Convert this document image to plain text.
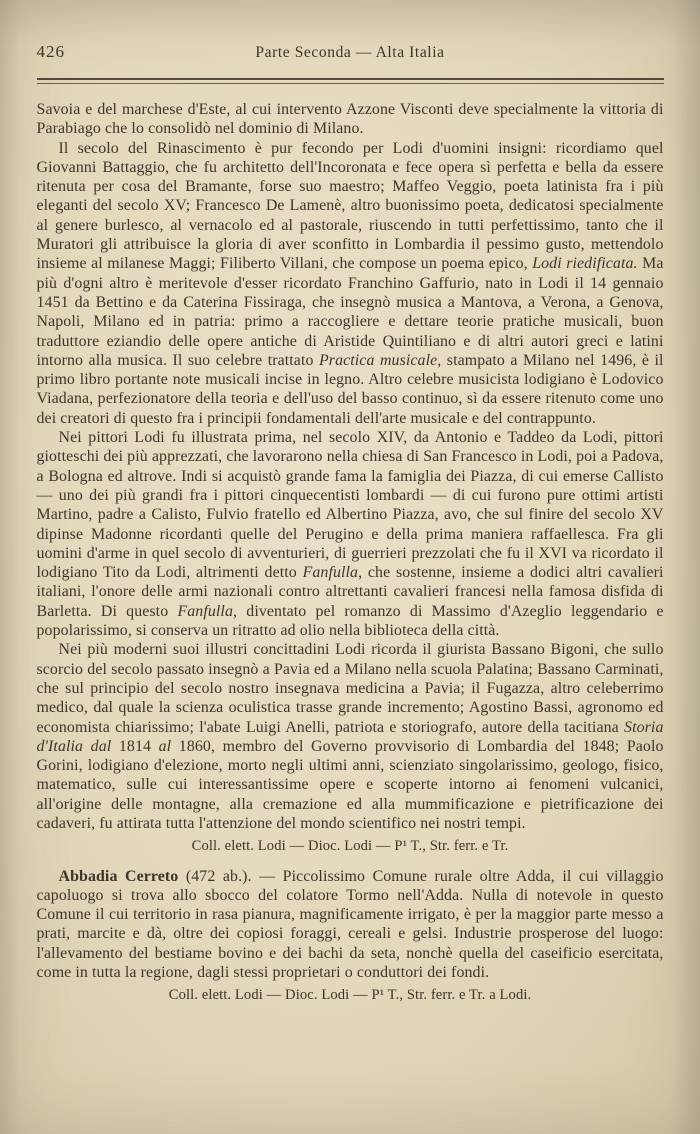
426	Parte Seconda — Alta Italia

Savoia e del marchese d'Este, al cui intervento Azzone Visconti deve specialmente la vittoria di Parabiago che lo consolidò nel dominio di Milano.

Il secolo del Rinascimento è pur fecondo per Lodi d'uomini insigni: ricordiamo quel Giovanni Battaggio, che fu architetto dell'Incoronata e fece opera sì perfetta e bella da essere ritenuta per cosa del Bramante, forse suo maestro; Maffeo Veggio, poeta latinista fra i più eleganti del secolo XV; Francesco De Lamenè, altro buonissimo poeta, dedicatosi specialmente al genere burlesco, al vernacolo ed al pastorale, riuscendo in tutti perfettissimo, tanto che il Muratori gli attribuisce la gloria di aver sconfitto in Lombardia il pessimo gusto, mettendolo insieme al milanese Maggi; Filiberto Villani, che compose un poema epico, Lodi riedificata. Ma più d'ogni altro è meritevole d'esser ricordato Franchino Gaffurio, nato in Lodi il 14 gennaio 1451 da Bettino e da Caterina Fissiraga, che insegnò musica a Mantova, a Verona, a Genova, Napoli, Milano ed in patria: primo a raccogliere e dettare teorie pratiche musicali, buon traduttore eziandio delle opere antiche di Aristide Quintiliano e di altri autori greci e latini intorno alla musica. Il suo celebre trattato Practica musicale, stampato a Milano nel 1496, è il primo libro portante note musicali incise in legno. Altro celebre musicista lodigiano è Lodovico Viadana, perfezionatore della teoria e dell'uso del basso continuo, sì da essere ritenuto come uno dei creatori di questo fra i principii fondamentali dell'arte musicale e del contrappunto.

Nei pittori Lodi fu illustrata prima, nel secolo XIV, da Antonio e Taddeo da Lodi, pittori giotteschi dei più apprezzati, che lavorarono nella chiesa di San Francesco in Lodi, poi a Padova, a Bologna ed altrove. Indi si acquistò grande fama la famiglia dei Piazza, di cui emerse Callisto — uno dei più grandi fra i pittori cinquecentisti lombardi — di cui furono pure ottimi artisti Martino, padre a Calisto, Fulvio fratello ed Albertino Piazza, avo, che sul finire del secolo XV dipinse Madonne ricordanti quelle del Perugino e della prima maniera raffaellesca. Fra gli uomini d'arme in quel secolo di avventurieri, di guerrieri prezzolati che fu il XVI va ricordato il lodigiano Tito da Lodi, altrimenti detto Fanfulla, che sostenne, insieme a dodici altri cavalieri italiani, l'onore delle armi nazionali contro altrettanti cavalieri francesi nella famosa disfida di Barletta. Di questo Fanfulla, diventato pel romanzo di Massimo d'Azeglio leggendario e popolarissimo, si conserva un ritratto ad olio nella biblioteca della città.

Nei più moderni suoi illustri concittadini Lodi ricorda il giurista Bassano Bigoni, che sullo scorcio del secolo passato insegnò a Pavia ed a Milano nella scuola Palatina; Bassano Carminati, che sul principio del secolo nostro insegnava medicina a Pavia; il Fugazza, altro celeberrimo medico, dal quale la scienza oculistica trasse grande incremento; Agostino Bassi, agronomo ed economista chiarissimo; l'abate Luigi Anelli, patriota e storiografo, autore della tacitiana Storia d'Italia dal 1814 al 1860, membro del Governo provvisorio di Lombardia del 1848; Paolo Gorini, lodigiano d'elezione, morto negli ultimi anni, scienziato singolarissimo, geologo, fisico, matematico, sulle cui interessantissime opere e scoperte intorno ai fenomeni vulcanici, all'origine delle montagne, alla cremazione ed alla mummificazione e pietrificazione dei cadaveri, fu attirata tutta l'attenzione del mondo scientifico nei nostri tempi.

Coll. elett. Lodi — Dioc. Lodi — P¹ T., Str. ferr. e Tr.

Abbadia Cerreto (472 ab.). — Piccolissimo Comune rurale oltre Adda, il cui villaggio capoluogo si trova allo sbocco del colatore Tormo nell'Adda. Nulla di notevole in questo Comune il cui territorio in rasa pianura, magnificamente irrigato, è per la maggior parte messo a prati, marcite e dà, oltre dei copiosi foraggi, cereali e gelsi. Industrie prosperose del luogo: l'allevamento del bestiame bovino e dei bachi da seta, nonchè quella del caseificio esercitata, come in tutta la regione, dagli stessi proprietari o conduttori dei fondi.

Coll. elett. Lodi — Dioc. Lodi — P¹ T., Str. ferr. e Tr. a Lodi.
